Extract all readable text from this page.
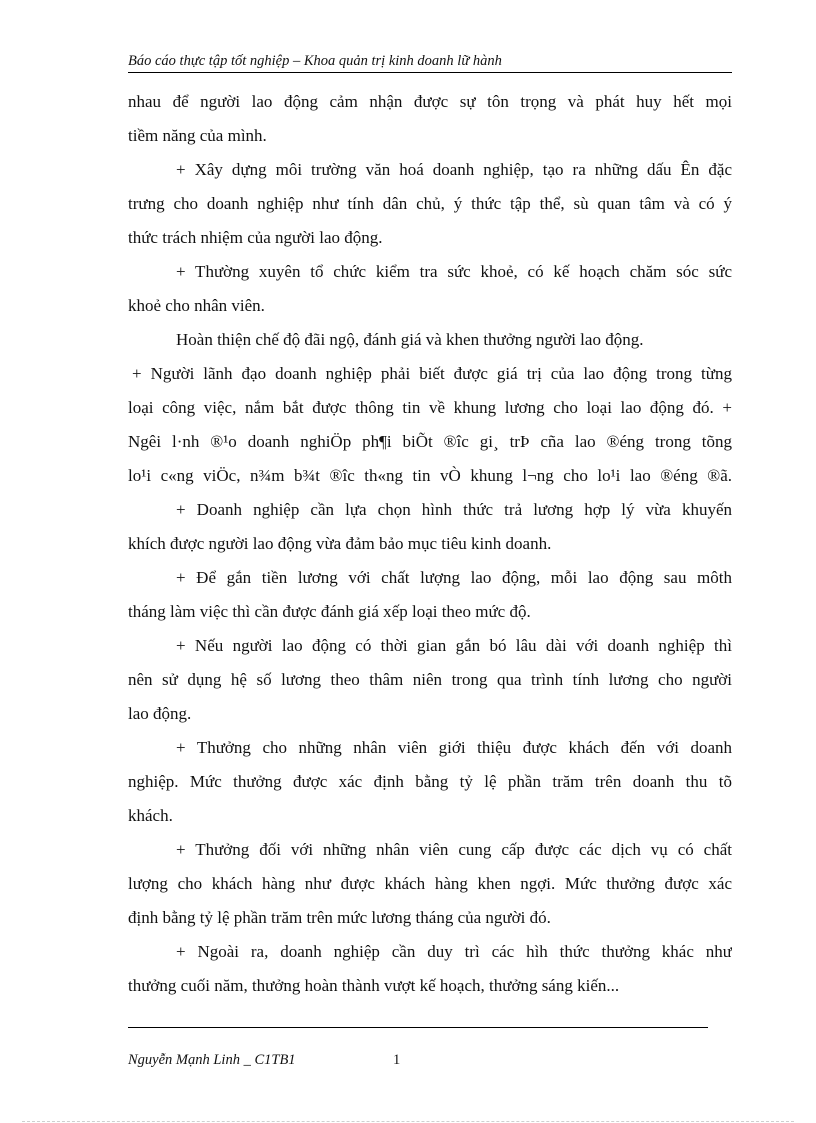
Báo cáo thực tập tốt nghiệp – Khoa quản trị kinh doanh lữ hành
nhau để người lao động cảm nhận được sự tôn trọng và phát huy hết mọi
tiềm năng của mình.
+ Xây dựng môi trường văn hoá doanh nghiệp, tạo ra những dấu Ên đặc
trưng cho doanh nghiệp như tính dân chủ, ý thức tập thể, sù quan tâm và có ý
thức trách nhiệm của người lao động.
+ Thường xuyên tổ chức kiểm tra sức khoẻ, có kế hoạch chăm sóc sức
khoẻ cho nhân viên.
Hoàn thiện chế độ đãi ngộ, đánh giá và khen thưởng người lao động.
+ Người lãnh đạo doanh nghiệp phải biết được giá trị của lao động trong từng
loại công việc, nắm bắt được thông tin về khung lương cho loại lao động đó. +
Ngêi l·nh ®¹o doanh nghiÖp ph¶i biÕt ®îc gi¸ trÞ cña lao ®éng trong tõng
lo¹i c«ng viÖc, n¾m b¾t ®îc th«ng tin vÒ khung l¬ng cho lo¹i lao ®éng ®ã.
+ Doanh nghiệp cần lựa chọn hình thức trả lương hợp lý vừa khuyến
khích được người lao động vừa đảm bảo mục tiêu kinh doanh.
+ Để gắn tiền lương với chất lượng lao động, mỗi lao động sau môth
tháng làm việc thì cần được đánh giá xếp loại theo mức độ.
+ Nếu người lao động có thời gian gắn bó lâu dài với doanh nghiệp thì
nên sử dụng hệ số lương theo thâm niên trong qua trình tính lương cho người
lao động.
+ Thưởng cho những nhân viên giới thiệu được khách đến với doanh
nghiệp. Mức thưởng được xác định bằng tỷ lệ phần trăm trên doanh thu tõ
khách.
+ Thưởng đối với những nhân viên cung cấp được các dịch vụ có chất
lượng cho khách hàng như được khách hàng khen ngợi. Mức thưởng được xác
định bằng tỷ lệ phần trăm trên mức lương tháng của người đó.
+ Ngoài ra, doanh nghiệp cần duy trì các hìh thức thưởng khác như
thưởng cuối năm, thưởng hoàn thành vượt kế hoạch, thưởng sáng kiến...
Nguyễn Mạnh Linh _ C1TB1	1
